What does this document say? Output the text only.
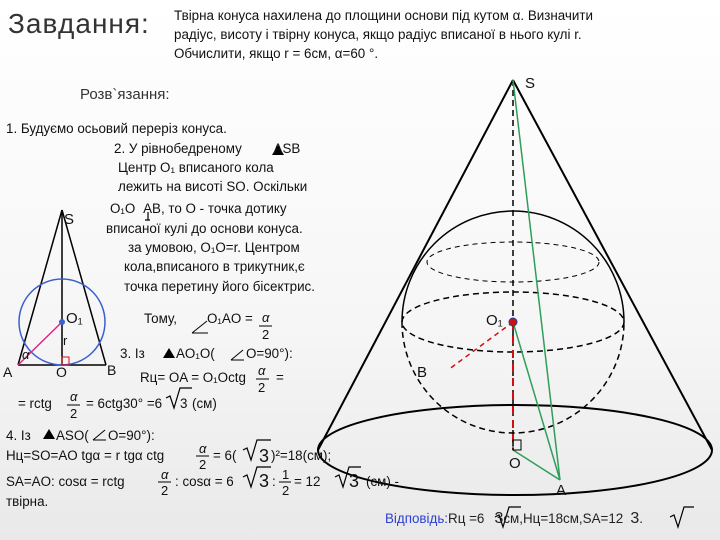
Завдання: Твірна конуса нахилена до площини основи під кутом α. Визначити
радіус, висоту і твірну конуса, якщо радіус вписаної в нього кулі r.
Обчислити, якщо r = 6см, α=60 °.
Розв`язання:
1. Будуємо осьовий переріз конуса.
2. У рівнобедреному ASB
Центр O₁ вписаного кола
лежить на висоті SO. Оскільки
O₁O AB, то О - точка дотику
вписаної кулі до основи конуса.
за умовою, O₁O=r. Центром
кола,вписаного в трикутник,є
точка перетину його бісектрис.
Тому, O₁AO = α
2
3. Із AO₁O( O=90°):
Rц= OA = O₁Octg α
2
=
= rctg α
2
= 6ctg30° =6 3 (см)
4. Із ASO( O=90°):
Hц=SO=AO tgα = r tgα ctg	α
2
= 6( 3 )²=18(см);
SA=AO: cosα = rctg	α
2
: cosα = 6 3 : 1
2
= 12 3 (см) -
твірна.
S
O₁
r
α
A	O	B
S
O₁
B
O
A
Відповідь:Rц =6 3см,Hц=18см,SA=12 3.
